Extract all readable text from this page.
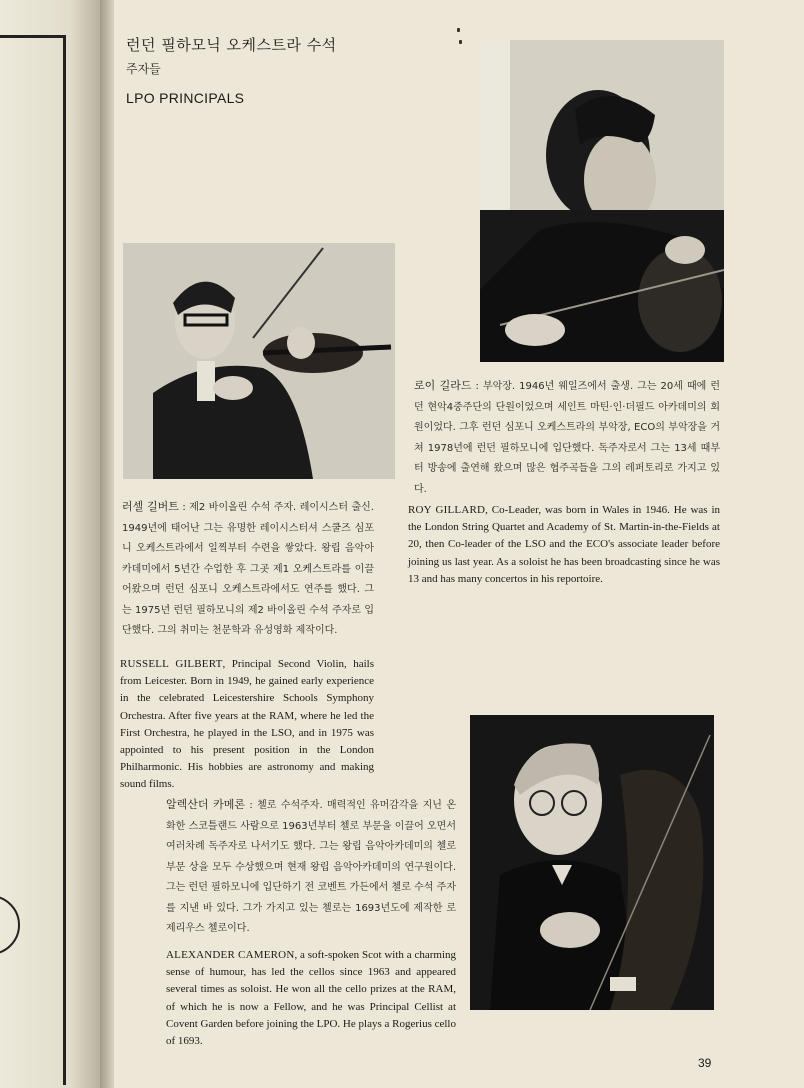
런던 필하모닉 오케스트라 수석
주자들
LPO PRINCIPALS
로이 길라드 : 부악장. 1946년 웨일즈에서 출생. 그는 20세 때에 런던 현악4중주단의 단원이었으며 세인트 마틴·인·더필드 아카데미의 회원이었다. 그후 런던 심포니 오케스트라의 부악장, ECO의 부악장을 거쳐 1978년에 런던 필하모니에 입단했다. 독주자로서 그는 13세 때부터 방송에 출연해 왔으며 많은 협주곡들을 그의 레퍼토리로 가지고 있다.
ROY GILLARD, Co-Leader, was born in Wales in 1946. He was in the London String Quartet and Academy of St. Martin-in-the-Fields at 20, then Co-leader of the LSO and the ECO's associate leader before joining us last year. As a soloist he has been broadcasting since he was 13 and has many concertos in his reportoire.
러셀 길버트 : 제2 바이올린 수석 주자. 레이시스터 출신. 1949년에 태어난 그는 유명한 레이시스터셔 스쿨즈 심포니 오케스트라에서 일찍부터 수련을 쌓았다. 왕립 음악아카데미에서 5년간 수업한 후 그곳 제1 오케스트라를 이끌어왔으며 런던 심포니 오케스트라에서도 연주를 했다. 그는 1975년 런던 필하모니의 제2 바이올린 수석 주자로 입단했다. 그의 취미는 천문학과 유성영화 제작이다.
RUSSELL GILBERT, Principal Second Violin, hails from Leicester. Born in 1949, he gained early experience in the celebrated Leicestershire Schools Symphony Orchestra. After five years at the RAM, where he led the First Orchestra, he played in the LSO, and in 1975 was appointed to his present position in the London Philharmonic. His hobbies are astronomy and making sound films.
알렉산더 카메론 : 첼로 수석주자. 매력적인 유머감각을 지닌 온화한 스코틀랜드 사람으로 1963년부터 첼로 부문을 이끌어 오면서 여러차례 독주자로 나서기도 했다. 그는 왕립 음악아카데미의 첼로부문 상을 모두 수상했으며 현재 왕립 음악아카데미의 연구원이다. 그는 런던 필하모니에 입단하기 전 코벤트 가든에서 첼로 수석 주자를 지낸 바 있다. 그가 가지고 있는 첼로는 1693년도에 제작한 로제리우스 첼로이다.
ALEXANDER CAMERON, a soft-spoken Scot with a charming sense of humour, has led the cellos since 1963 and appeared several times as soloist. He won all the cello prizes at the RAM, of which he is now a Fellow, and he was Principal Cellist at Covent Garden before joining the LPO. He plays a Rogerius cello of 1693.
39
